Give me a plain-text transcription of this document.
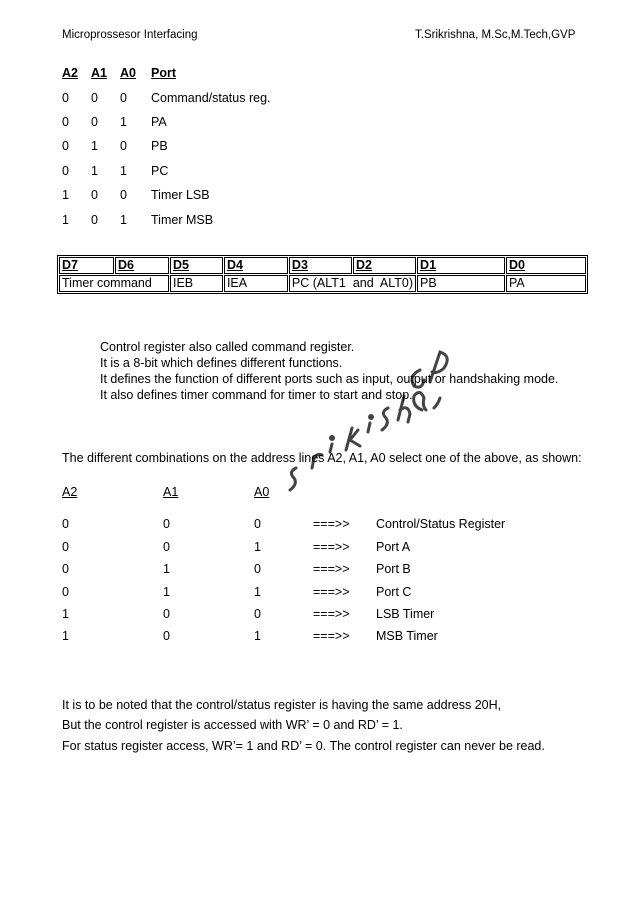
Microprossesor Interfacing	T.Srikrishna, M.Sc,M.Tech,GVP
A2 A1 A0 Port
0 0 0 Command/status reg.
0 0 1 PA
0 1 0 PB
0 1 1 PC
1 0 0 Timer LSB
1 0 1 Timer MSB
D7	D6	D5	D4	D3	D2	D1	D0
Timer command		IEB	IEA	PC (ALT1  and  ALT0)		PB	PA
Control register also called command register.
It is a 8-bit which defines different functions.
It defines the function of different ports such as input, output or handshaking mode.
It also defines timer command for timer to start and stop.
The different combinations on the address lines A2, A1, A0 select one of the above, as shown:
A2	A1	A0
0	0	0	===>> Control/Status Register
0	0	1	===>> Port A
0	1	0	===>> Port B
0	1	1	===>> Port C
1	0	0	===>> LSB Timer
1	0	1	===>> MSB Timer
It is to be noted that the control/status register is having the same address 20H,
But the control register is accessed with WR’ = 0 and RD’ = 1.
For status register access, WR’= 1 and RD’ = 0. The control register can never be read.
